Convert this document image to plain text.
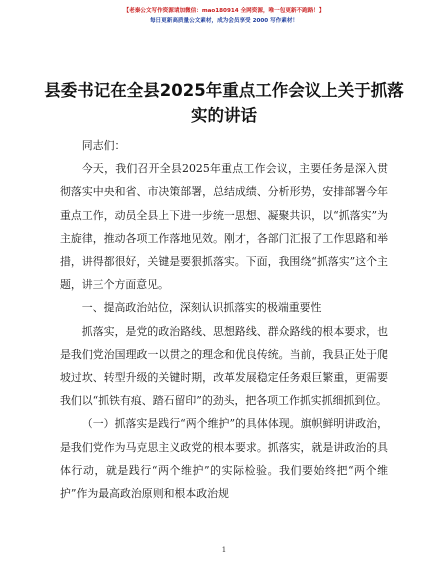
【老秦公文写作资源请加微信：mao180914 全网资源，唯一包更新不跑路！】
每日更新高质量公文素材，成为会员享受 2000 写作素材！
县委书记在全县2025年重点工作会议上关于抓落实的讲话

同志们：

今天，我们召开全县2025年重点工作会议，主要任务是深入贯彻落实中央和省、市决策部署，总结成绩、分析形势，安排部署今年重点工作，动员全县上下进一步统一思想、凝聚共识，以“抓落实”为主旋律，推动各项工作落地见效。刚才，各部门汇报了工作思路和举措，讲得都很好，关键是要狠抓落实。下面，我围绕“抓落实”这个主题，讲三个方面意见。

一、提高政治站位，深刻认识抓落实的极端重要性

抓落实，是党的政治路线、思想路线、群众路线的根本要求，也是我们党治国理政一以贯之的理念和优良传统。当前，我县正处于爬坡过坎、转型升级的关键时期，改革发展稳定任务艰巨繁重，更需要我们以“抓铁有痕、踏石留印”的劲头，把各项工作抓实抓细抓到位。

（一）抓落实是践行“两个维护”的具体体现。旗帜鲜明讲政治，是我们党作为马克思主义政党的根本要求。抓落实，就是讲政治的具体行动，就是践行“两个维护”的实际检验。我们要始终把“两个维护”作为最高政治原则和根本政治规

1
